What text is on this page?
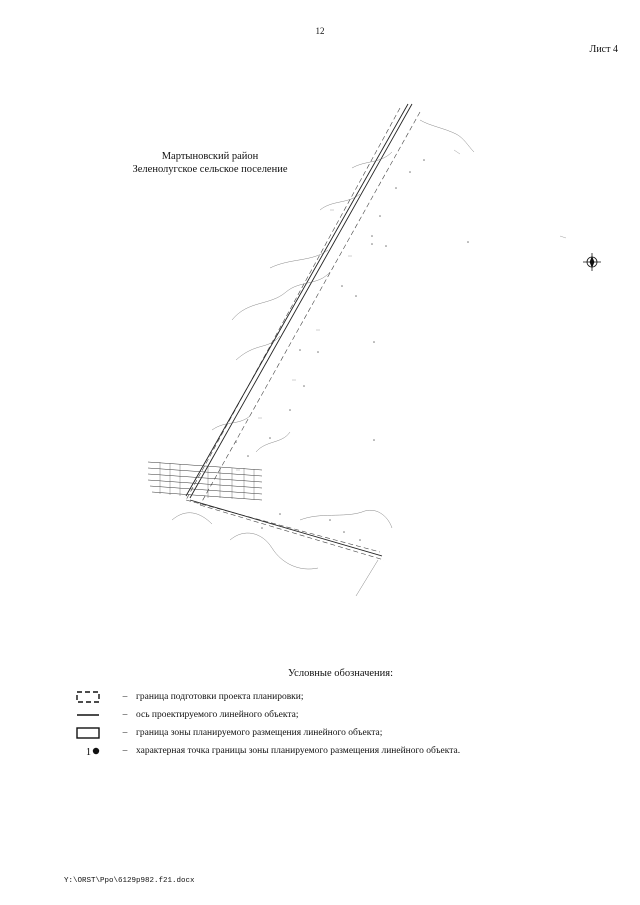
12
Лист 4
Мартыновский район
Зеленолугское сельское поселение
Условные обозначения:
– граница подготовки проекта планировки;
– ось проектируемого линейного объекта;
– граница зоны планируемого размещения линейного объекта;
1	– характерная точка границы зоны планируемого размещения линейного объекта.
Y:\ORST\Ppo\6129p982.f21.docx
